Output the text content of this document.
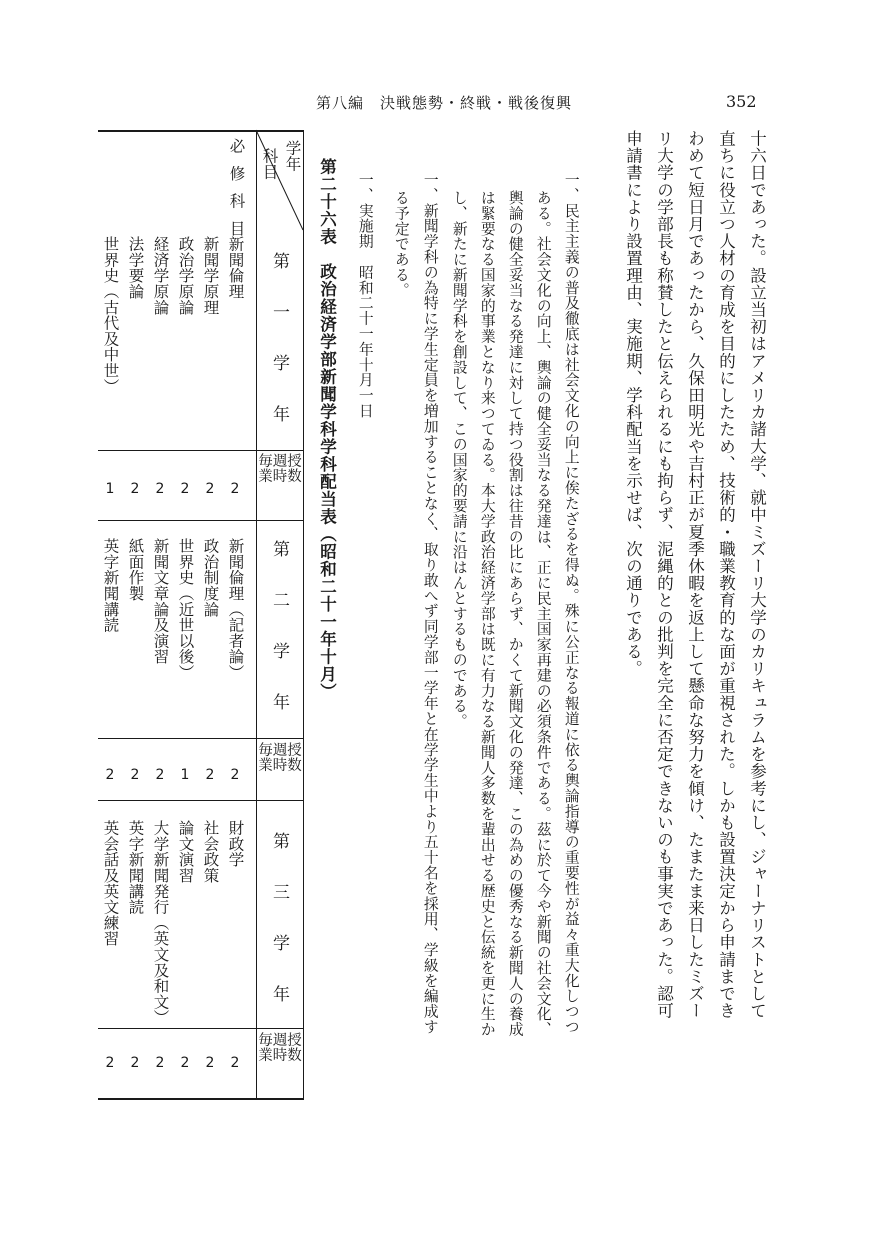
第八編　決戦態勢・終戦・戦後復興	352
十六日であった。設立当初はアメリカ諸大学、就中ミズーリ大学のカリキュラムを参考にし、ジャーナリストとして
直ちに役立つ人材の育成を目的にしたため、技術的・職業教育的な面が重視された。しかも設置決定から申請までき
わめて短日月であったから、久保田明光や吉村正が夏季休暇を返上して懸命な努力を傾け、たまたま来日したミズー
リ大学の学部長も称賛したと伝えられるにも拘らず、泥縄的との批判を完全に否定できないのも事実であった。認可
申請書により設置理由、実施期、学科配当を示せば、次の通りである。
一、民主主義の普及徹底は社会文化の向上に俟たざるを得ぬ。殊に公正なる報道に依る輿論指導の重要性が益々重大化しつつ
ある。社会文化の向上、輿論の健全妥当なる発達は、正に民主国家再建の必須条件である。茲に於て今や新聞の社会文化、
輿論の健全妥当なる発達に対して持つ役割は往昔の比にあらず、かくて新聞文化の発達、この為めの優秀なる新聞人の養成
は緊要なる国家的事業となり来つてゐる。本大学政治経済学部は既に有力なる新聞人多数を輩出せる歴史と伝統を更に生か
し、新たに新聞学科を創設して、この国家的要請に沿はんとするものである。
一、新聞学科の為特に学生定員を増加することなく、取り敢へず同学部一学年と在学学生中より五十名を採用、学級を編成す
る予定である。
一、実施期　昭和二十一年十月一日
第二十六表　政治経済学部新聞学科学科配当表（昭和二十一年十月）
学年
科目
必修科目
第一学年
毎週授業時数
新聞倫理
新聞学原理
政治学原論
経済学原論
法学要論
世界史（古代及中世）
2
2
2
2
2
1
第二学年
毎週授業時数
新聞倫理（記者論）
政治制度論
世界史（近世以後）
新聞文章論及演習
紙面作製
英字新聞講読
2
2
1
2
2
2
第三学年
毎週授業時数
財政学
社会政策
論文演習
大学新聞発行（英文及和文）
英字新聞講読
英会話及英文練習
2
2
2
2
2
2
